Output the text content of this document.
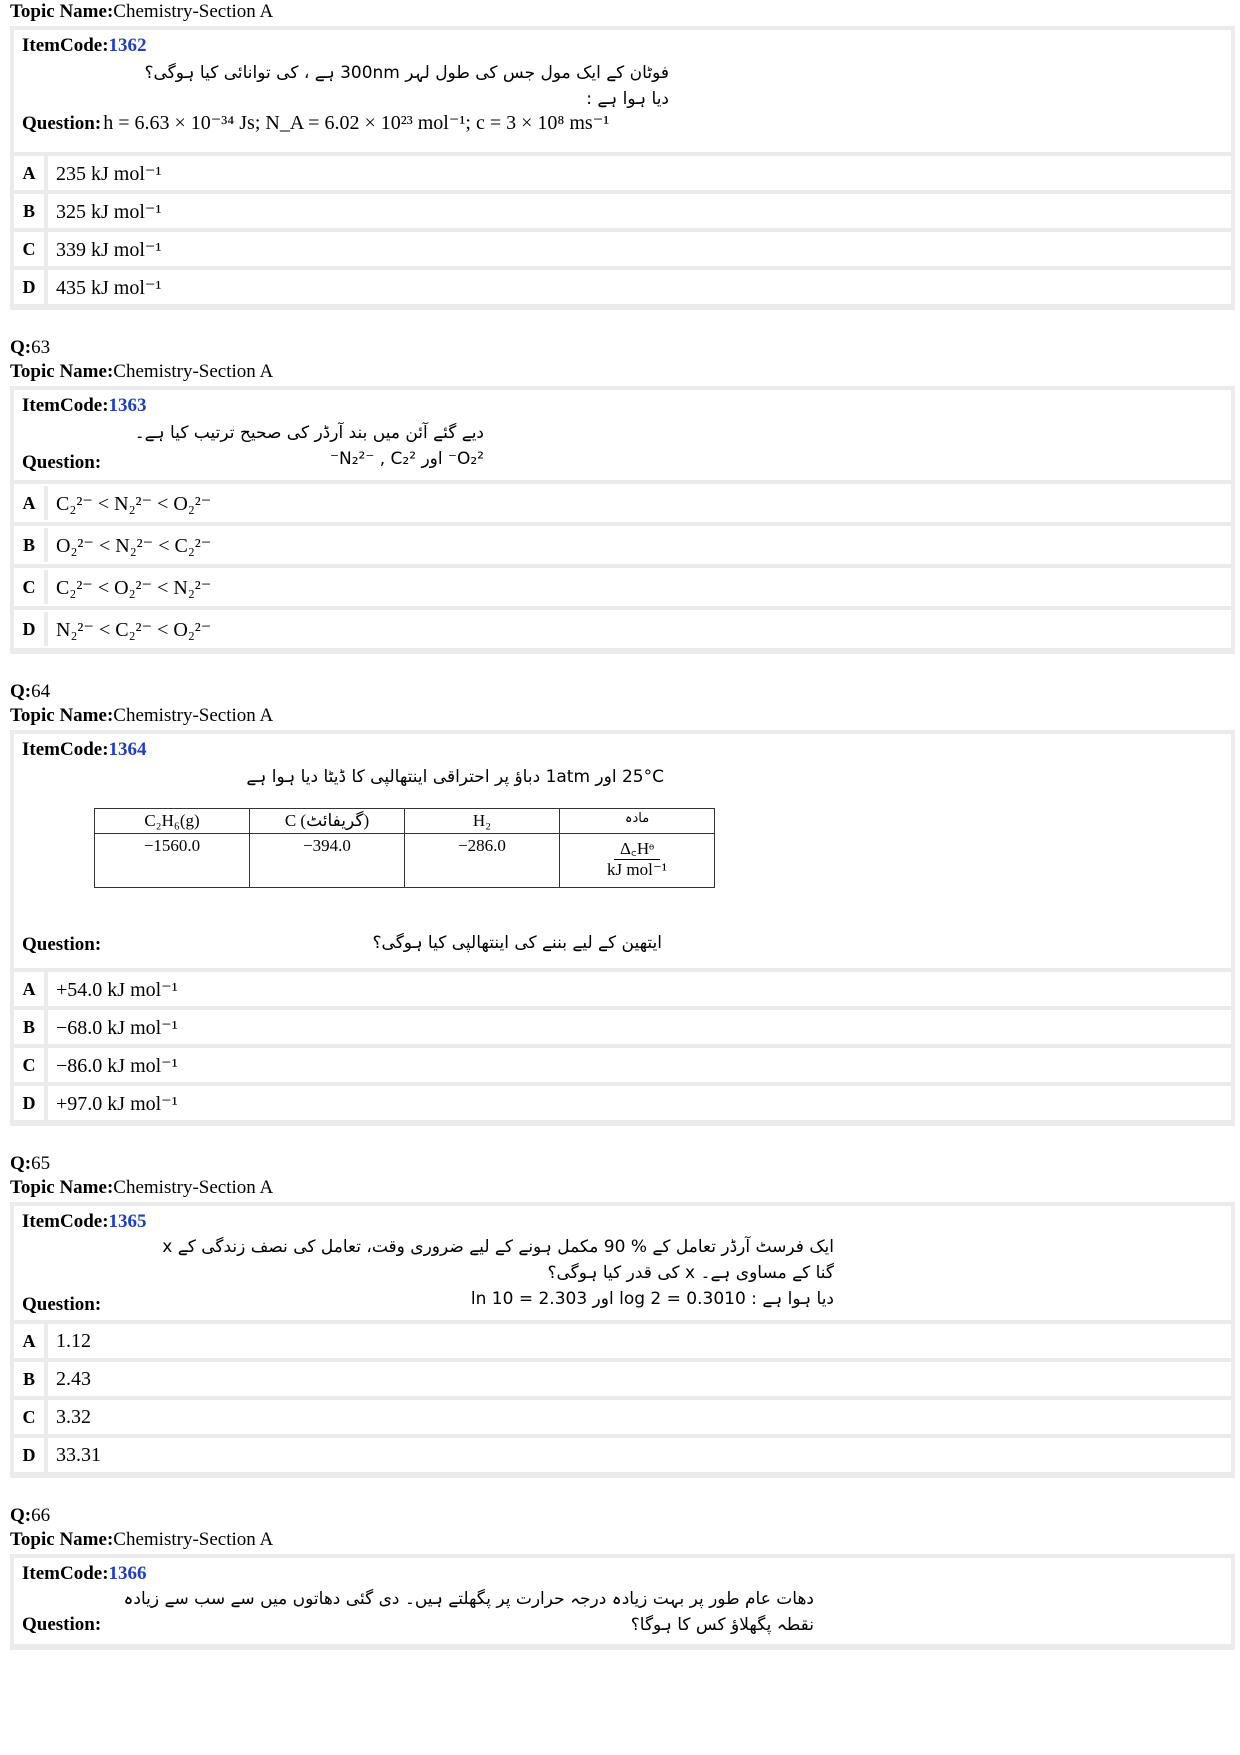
Topic Name:Chemistry-Section A
ItemCode:1362
فوٹان کے ایک مول جس کی طول لہر 300nm ہے ، کی توانائی کیا ہوگی؟
دیا ہوا ہے :
Question: h = 6.63 × 10⁻³⁴ Js; N_A = 6.02 × 10²³ mol⁻¹; c = 3 × 10⁸ ms⁻¹
A	235 kJ mol⁻¹
B	325 kJ mol⁻¹
C	339 kJ mol⁻¹
D	435 kJ mol⁻¹
Q:63
Topic Name:Chemistry-Section A
ItemCode:1363
دیے گئے آئن میں بند آرڈر کی صحیح ترتیب کیا ہے۔
O₂²⁻ اور N₂²⁻ , C₂²⁻
Question:
A	C₂²⁻ < N₂²⁻ < O₂²⁻
B	O₂²⁻ < N₂²⁻ < C₂²⁻
C	C₂²⁻ < O₂²⁻ < N₂²⁻
D	N₂²⁻ < C₂²⁻ < O₂²⁻
Q:64
Topic Name:Chemistry-Section A
ItemCode:1364
25°C اور 1atm دباؤ پر احتراقی اینتھالپی کا ڈیٹا دیا ہوا ہے
C₂H₆(g)	C (گریفائٹ)	H₂	مادہ
−1560.0	−394.0	−286.0	Δ꜀Hᶱ
kJ mol⁻¹
Question:	ایتھین کے لیے بننے کی اینتھالپی کیا ہوگی؟
A	+54.0 kJ mol⁻¹
B	−68.0 kJ mol⁻¹
C	−86.0 kJ mol⁻¹
D	+97.0 kJ mol⁻¹
Q:65
Topic Name:Chemistry-Section A
ItemCode:1365
ایک فرسٹ آرڈر تعامل کے % 90 مکمل ہونے کے لیے ضروری وقت، تعامل کی نصف زندگی کے x
گنا کے مساوی ہے۔ x کی قدر کیا ہوگی؟
دیا ہوا ہے : log 2 = 0.3010 اور ln 10 = 2.303
Question:
A	1.12
B	2.43
C	3.32
D	33.31
Q:66
Topic Name:Chemistry-Section A
ItemCode:1366
دھات عام طور پر بہت زیادہ درجہ حرارت پر پگھلتے ہیں۔ دی گئی دھاتوں میں سے سب سے زیادہ
نقطہ پگھلاؤ کس کا ہوگا؟
Question:
